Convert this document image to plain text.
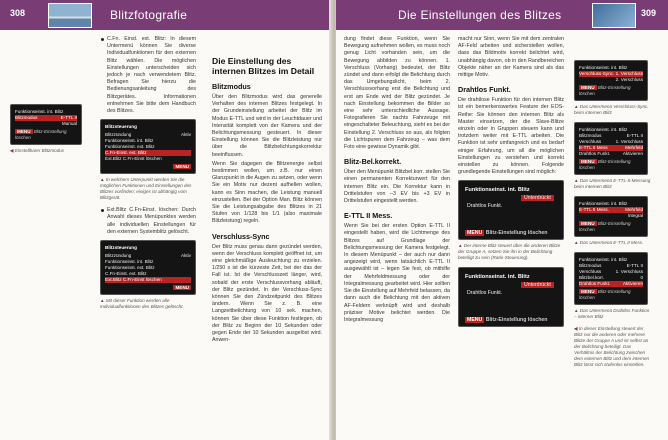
308	Blitzfotografie
Funktionseinst. int. Blitz
Blitzmodus	E-TTL II
Manual
MENU Blitz-Einstellung löschen
◀ Einstellbarer Blitzmodus

C.Fn. Einst. ext. Blitz: In diesem Untermenü können Sie diverse Individualfunktionen für den externen Blitz wählen. Die möglichen Einstellungen unterscheiden sich jedoch je nach verwendetem Blitz. Befragen Sie hierzu die Bedienungsanleitung des Blitzgerätes. Informationen entnehmen Sie bitte dem Handbuch des Blitzes.

Blitzsteuerung
Blitzzündung	Aktiv
Funktionseinst. int. Blitz
Funktionseinst. ext. Blitz
C.Fn-Einst. ext. Blitz
Ext.Blitz C.Fn-Einst löschen
MENU
▲ In welchem Unterpunkt werden Sie die möglichen Funktionen und Einstellungen des Blitzes vorfinden; einiges ist abhängig vom Blitzgerät.

Ext.Blitz C.Fn-Einst. löschen: Durch Anwahl dieses Menüpunktes werden alle individuellen Einstellungen für den externen Systemblitz gelöscht.

Blitzsteuerung
Blitzzündung	Aktiv
Funktionseinst. int. Blitz
Funktionseinst. ext. Blitz
C.Fn-Einst. ext. Blitz
Ext.Blitz C.Fn-Einst löschen
MENU
▲ Mit dieser Funktion werden alle Individualfunktionen des Blitzes gelöscht.
Die Einstellung des internen Blitzes im Detail
Blitzmodus

Über den Blitzmodus wird das generelle Verhalten des internen Blitzes festgelegt. In der Grundeinstellung arbeitet der Blitz im Modus E-TTL und wird in der Leuchtdauer und Intensität komplett von der Kamera und der Belichtungsmessung gesteuert. In dieser Einstellung können Sie die Blitzleistung nur über die Blitzbelichtungskorrektur beeinflussen.

Wenn Sie dagegen die Blitzenergie selbst bestimmen wollen, um z.B. nur einen Glanzpunkt in die Augen zu setzen, oder wenn Sie ein Motiv nur dezent aufhellen wollen, kann es Sinn machen, die Leistung manuell einzustellen. Bei der Option Man. Blitz können Sie die Leistungsabgabe des Blitzes in 21 Stufen von 1/128 bis 1/1 (also maximale Blitzleistung) regeln.

Verschluss-Sync

Der Blitz muss genau dann gezündet werden, wenn der Verschluss komplett geöffnet ist, um eine gleichmäßige Ausleuchtung zu erzielen. 1/250 s ist die kürzeste Zeit, bei der das der Fall ist. Ist die Verschlusszeit länger, wird, sobald der erste Verschlussvorhang abläuft, der Blitz gezündet. In der Verschluss-Sync können Sie den Zündzeitpunkt des Blitzes ändern. Wenn Sie z. B. eine Langzeitbelichtung von 10 sek. machen, können Sie über diese Funktion festlegen, ob der Blitz zu Beginn der 10 Sekunden oder gegen Ende der 10 Sekunden ausgelöst wird. Anwen-

Die Einstellungen des Blitzes	309

dung findet diese Funktion, wenn Sie Bewegung aufnehmen wollen, es muss noch genug Licht vorhanden sein, um die Bewegung abbilden zu können. 1. Verschluss (Vorhang) bedeutet, der Blitz zündet und dann erfolgt die Belichtung durch das Umgebungslicht, beim 2. Verschlussvorhang erst die Belichtung und erst am Ende wird der Blitz gezündet. Je nach Einstellung bekommen die Bilder so eine sehr unterschiedliche Aussage. Fotografieren Sie nachts Fahrzeuge mit eingeschalteter Beleuchtung, sieht es bei der Einstellung 2. Verschluss so aus, als folgten die Lichtspuren dem Fahrzeug – was dem Foto eine gewisse Dynamik gibt.

Blitz-Bel.korrekt.

Über den Menüpunkt Blitzbel.korr. stellen Sie einen permanenten Korrekturwert für den internen Blitz ein. Die Korrektur kann in Drittelstufen von –3 EV bis +3 EV in Drittelstufen eingestellt werden.

E-TTL II Mess.

Wenn Sie bei der ersten Option E-TTL II eingestellt haben, wird die Lichtmenge des Blitzes auf Grundlage der Belichtungsmessung der Kamera festgelegt. In diesem Menüpunkt – der auch nur dann angezeigt wird, wenn tatsächlich E-TTL II ausgewählt ist – legen Sie fest, ob mithilfe der Mehrfeldmessung oder der Integralmessung gearbeitet wird. Hier sollten Sie die Einstellung auf Mehrfeld belassen, da dann auch die Belichtung mit den aktiven AF-Feldern verknüpft wird und deshalb präziser Motive belichtet werden. Die Integralmessung

macht nur Sinn, wenn Sie mit dem zentralen AF-Feld arbeiten und sicherstellen wollen, dass das Bildmotiv korrekt belichtet wird, unabhängig davon, ob in den Randbereichen Objekte näher an der Kamera sind als das mittige Motiv.

Drahtlos Funkt.

Die drahtlose Funktion für den internen Blitz ist ein bemerkenswertes Feature der EOS-Reihe: Sie können den internen Blitz als Master einsetzen, der die Slave-Blitze einzeln oder in Gruppen steuern kann und trotzdem weiter mit E-TTL arbeiten. Die Funktion ist sehr umfangreich und es bedarf einiger Erfahrung, um all die möglichen Einstellungen zu verstehen und korrekt einstellen zu können. Folgende grundlegende Einstellungen sind möglich:

Funktionseinst. int. Blitz
Drahtlos Funkt.
Unterdrückt
MENU Blitz-Einstellung löschen
▲ Der interne Blitz steuert über die anderen Blitze der Gruppe A, setzen Sie ihn in der Belichtung beteiligt zu sein (Ratio-Steuerung).
Funktionseinst. int. Blitz
Drahtlos Funkt.
Unterdrückt
MENU Blitz-Einstellung löschen
Funktionseinst. int. Blitz
Verschluss-Sync. 1. Verschluss
2. Verschluss
MENU Blitz-Einstellung löschen
▲ Das Untermenü Verschluss-Sync. beim internen Blitz
Funktionseinst. int. Blitz
Blitzmodus	E-TTL II
Verschluss	1. Verschluss
E-TTL II Mess	Mehrfeld
Drahtlos Funkt.	Aktivieren
MENU Blitz-Einstellung löschen
▲ Das Untermenü E-TTL-II-Messung beim internen Blitz
Funktionseinst. int. Blitz
E-TTL II Mess.	Mehrfeld
Integral
MENU Blitz-Einstellung löschen
▲ Das Untermenü E-TTL II Mess.
Funktionseinst. int. Blitz
Blitzmodus	E-TTL II
Verschluss	1. Verschluss
Blitzbel.korr.	0
Drahtlos Funkt.	Aktivieren
MENU Blitz-Einstellung löschen
▲ Das Untermenü Drahtlos Funktion – interner Blitz
◀ In dieser Einstellung steuert der Blitz nur die anderen oder mehrere Blitze der Gruppe A und ist selbst an der Belichtung beteiligt. Das Verhältnis der Belichtung zwischen dem externen Blitz und dem internen Blitz lässt sich stufenlos einstellen.
